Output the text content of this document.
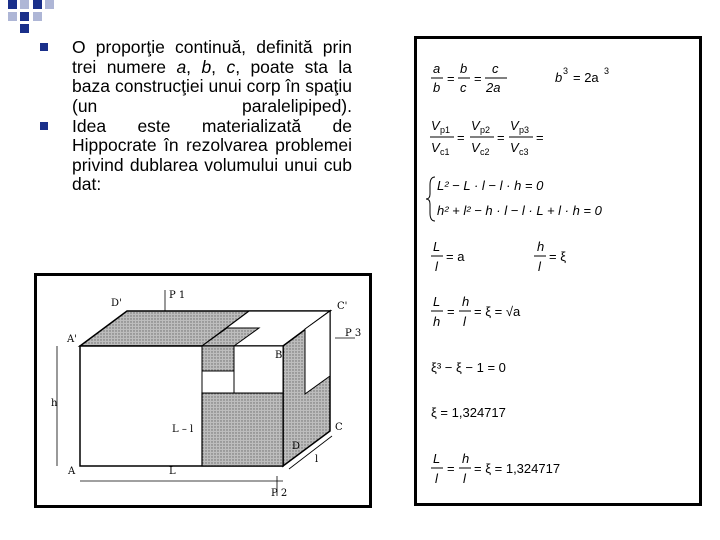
O proporţie continuă, definită prin trei numere a, b, c, poate sta la baza construcţiei unui corp în spaţiu (un paralelipiped).
Idea este materializată de Hippocrate în rezolvarea problemei privind dublarea volumului unui cub dat:
D'
P 1
C'
P 3
A'
B'
h
L – l	C
D
l
A	L
P 2
a
b
=
b
c
=
c
2a
b 3 = 2a 3
V p1
V c1
=
V p2
V c2
=
V p3
V c3
=
L² − L · l − l · h = 0
h² + l² − h · l − l · L + l · h = 0
L
l
= a
h
l
= ξ
L
h
=
h
l
= ξ = √a
ξ³ − ξ − 1 = 0
ξ = 1,324717
L
l
=
h
l
= ξ = 1,324717
